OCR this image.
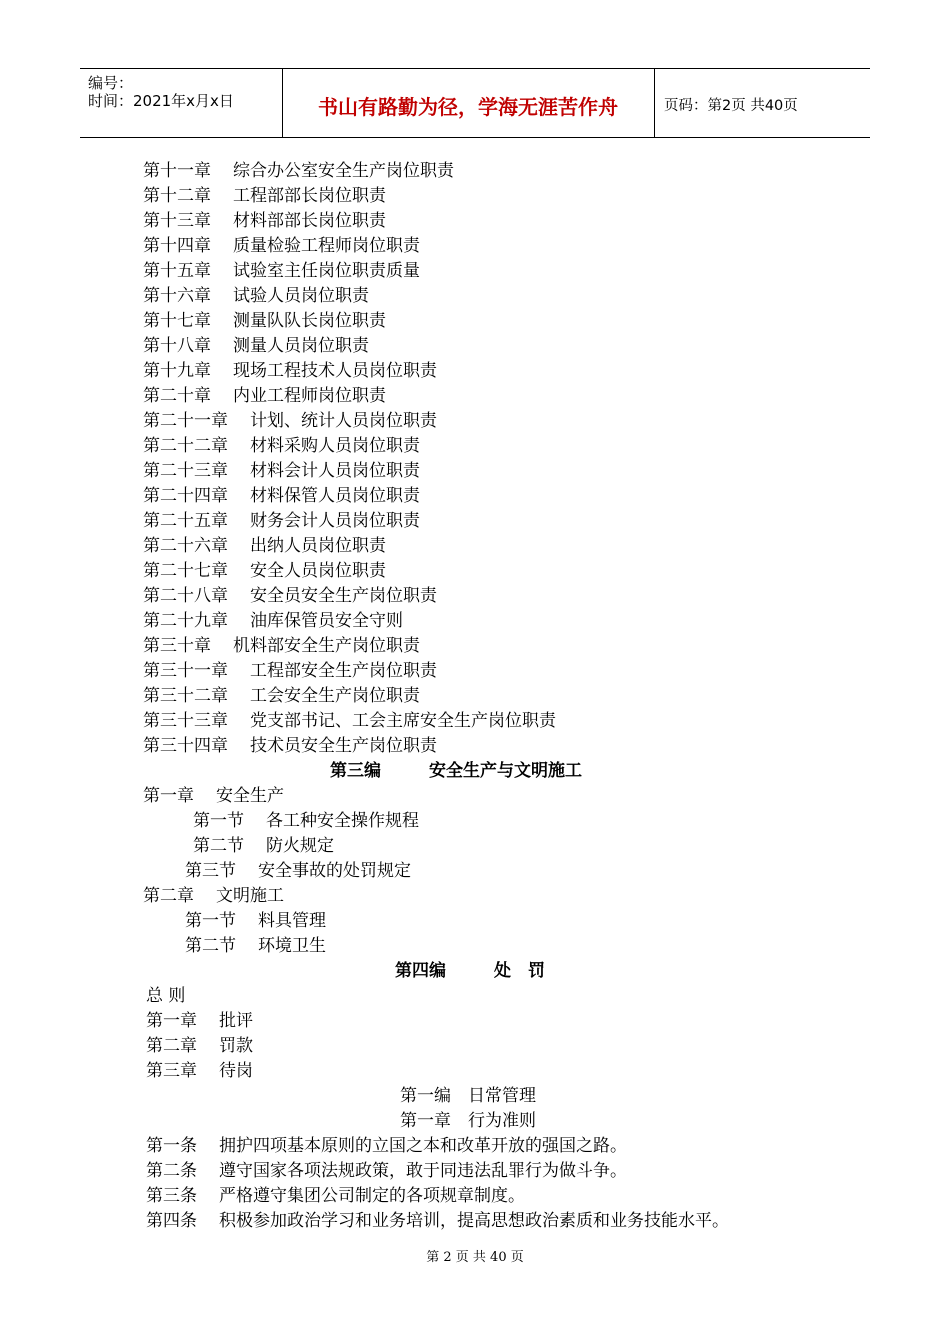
编号：
时间：2021年x月x日	书山有路勤为径，学海无涯苦作舟	页码：第2页 共40页
第十一章 综合办公室安全生产岗位职责
第十二章 工程部部长岗位职责
第十三章 材料部部长岗位职责
第十四章 质量检验工程师岗位职责
第十五章 试验室主任岗位职责质量
第十六章 试验人员岗位职责
第十七章 测量队队长岗位职责
第十八章 测量人员岗位职责
第十九章 现场工程技术人员岗位职责
第二十章 内业工程师岗位职责
第二十一章 计划、统计人员岗位职责
第二十二章 材料采购人员岗位职责
第二十三章 材料会计人员岗位职责
第二十四章 材料保管人员岗位职责
第二十五章 财务会计人员岗位职责
第二十六章 出纳人员岗位职责
第二十七章 安全人员岗位职责
第二十八章 安全员安全生产岗位职责
第二十九章 油库保管员安全守则
第三十章 机料部安全生产岗位职责
第三十一章 工程部安全生产岗位职责
第三十二章 工会安全生产岗位职责
第三十三章 党支部书记、工会主席安全生产岗位职责
第三十四章 技术员安全生产岗位职责
第三编	安全生产与文明施工
第一章 安全生产
第一节 各工种安全操作规程
第二节 防火规定
第三节 安全事故的处罚规定
第二章 文明施工
第一节 料具管理
第二节 环境卫生
第四编	处　罚
总 则
第一章 批评
第二章 罚款
第三章 待岗
第一编　日常管理
第一章　行为准则
第一条 拥护四项基本原则的立国之本和改革开放的强国之路。
第二条 遵守国家各项法规政策，敢于同违法乱罪行为做斗争。
第三条 严格遵守集团公司制定的各项规章制度。
第四条 积极参加政治学习和业务培训，提高思想政治素质和业务技能水平。
第 2 页 共 40 页
